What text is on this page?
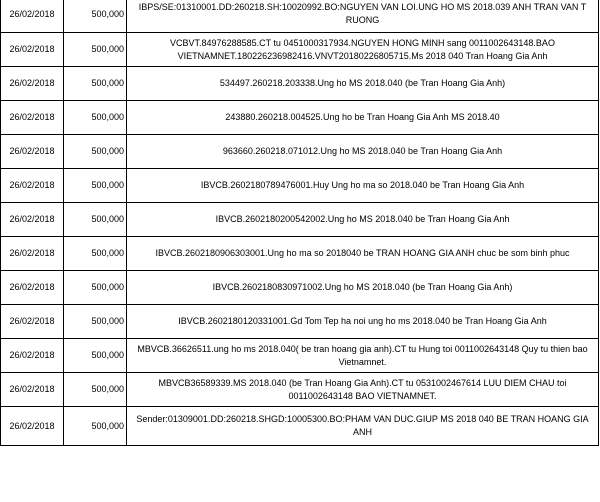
26/02/2018	500,000	IBPS/SE:01310001.DD:260218.SH:10020992.BO:NGUYEN VAN LOI.UNG HO MS 2018.039 ANH TRAN VAN T RUONG
26/02/2018	500,000	VCBVT.84976288585.CT tu 0451000317934.NGUYEN HONG MINH sang 0011002643148.BAO VIETNAMNET.180226236982416.VNVT20180226805715.Ms 2018 040 Tran Hoang Gia Anh
26/02/2018	500,000	534497.260218.203338.Ung ho MS 2018.040 (be Tran Hoang Gia Anh)
26/02/2018	500,000	243880.260218.004525.Ung ho be Tran Hoang Gia Anh MS 2018.40
26/02/2018	500,000	963660.260218.071012.Ung ho MS 2018.040 be Tran Hoang Gia Anh
26/02/2018	500,000	IBVCB.2602180789476001.Huy Ung ho ma so 2018.040 be Tran Hoang Gia Anh
26/02/2018	500,000	IBVCB.2602180200542002.Ung ho MS 2018.040 be Tran Hoang Gia Anh
26/02/2018	500,000	IBVCB.2602180906303001.Ung ho ma so 2018040 be TRAN HOANG GIA ANH chuc be som binh phuc
26/02/2018	500,000	IBVCB.2602180830971002.Ung ho MS 2018.040 (be Tran Hoang Gia Anh)
26/02/2018	500,000	IBVCB.2602180120331001.Gd Tom Tep ha noi ung ho ms 2018.040 be Tran Hoang Gia Anh
26/02/2018	500,000	MBVCB.36626511.ung ho ms 2018.040( be tran hoang gia anh).CT tu Hung toi 0011002643148 Quy tu thien bao Vietnamnet.
26/02/2018	500,000	MBVCB36589339.MS 2018.040 (be Tran Hoang Gia Anh).CT tu 0531002467614 LUU DIEM CHAU toi 0011002643148 BAO VIETNAMNET.
26/02/2018	500,000	Sender:01309001.DD:260218.SHGD:10005300.BO:PHAM VAN DUC.GIUP MS 2018 040 BE TRAN HOANG GIA ANH
